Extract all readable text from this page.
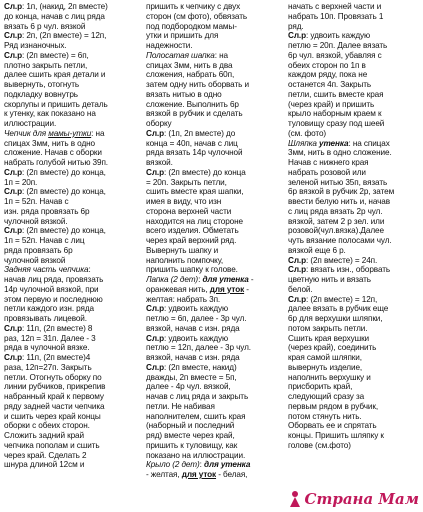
Сл.р: 1п, (накид, 2п вместе)
до конца, начав с лиц ряда
вязать 6 р чул. вязкой
Сл.р: 2п, (2п вместе) = 12п,
Ряд изнаночных.
Сл.р: (2п вместе) = 6п,
плотно закрыть петли,
далее сшить края детали и
вывернуть, отогнуть
подкладку вовнутрь
скорлупы и пришить деталь
к утенку, как показано на
иллюстрации.
Чепчик для мамы-утки: на
спицах 3мм, нить в одно
сложение. Начав с оборки
набрать голубой нитью 39п.
Сл.р: (2п вместе) до конца,
1п = 20п.
Сл.р: (2п вместе) до конца,
1п = 52п. Начав с
изн. ряда провязать 6р
чулочной вязкой.
Сл.р: (2п вместе) до конца,
1п = 52п. Начав с лиц
ряда провязать 6р
чулочной вязкой
Задняя часть чепчика:
начав лиц ряда, провязать
14р чулочной вязкой, при
этом первую и последнюю
петли каждого изн. ряда
провязывать лицевой.
Сл.р: 11п, (2п вместе) 8
раз, 12п = 31п. Далее - 3
ряда в чулочной вязке.
Сл.р: 11п, (2п вместе)4
раза, 12п=27п. Закрыть
петли. Отогнуть оборку по
линии рубчиков, прикрепив
набранный край к первому
ряду задней части чепчика
и сшить через край концы
оборки с обеих сторон.
Сложить задний край
чепчика пополам и сшить
через край. Сделать 2
шнура длиной 12см и
пришить к чепчику с двух
сторон (см фото), обвязать
под подбородком мамы-
утки и пришить для
надежности.
Полосатая шапка: на
спицах 3мм, нить в два
сложения, набрать 60п,
затем одну нить оборвать и
вязать нитью в одно
сложение. Выполнить 6р
вязкой в рубчик и сделать
оборку
Сл.р: (1п, 2п вместе) до
конца = 40п, начав с лиц
ряда вязать 14р чулочной
вязкой.
Сл.р: (2п вместе) до конца
= 20п. Закрыть петли,
сшить вместе края шапки,
имея в виду, что изн
сторона верхней части
находится на лиц стороне
всего изделия. Обметать
через край верхний ряд.
Вывернуть шапку и
наполнить помпочку,
пришить шапку к голове.
Лапка (2 дет): для утенка -
оранжевая нить, для уток -
желтая: набрать 3п.
Сл.р: удвоить каждую
петлю = 6п, далее - 3р чул.
вязкой, начав с изн. ряда
Сл.р: удвоить каждую
петлю = 12п, далее - 3р чул.
вязкой, начав с изн. ряда
Сл.р: (2п вместе, накид)
дважды, 2п вместе = 5п,
далее - 4р чул. вязкой,
начав с лиц ряда и закрыть
петли. Не набивая
наполнителем, сшить края
(наборный и последний
ряд) вместе через край,
пришить к туловищу, как
показано на иллюстрации.
Крыло (2 дет): для утенка
- желтая, для уток - белая,
начать с верхней части и
набрать 10п. Провязать 1
ряд.
Сл.р: удвоить каждую
петлю = 20п. Далее вязать
6р чул. вязкой, убавляя с
обеих сторон по 1п в
каждом ряду, пока не
останется 4п. Закрыть
петли, сшить вместе края
(через край) и пришить
крыло наборным краем к
туловищу сразу под шеей
(см. фото)
Шляпка утенка: на спицах
3мм, нить в одно сложение.
Начав с нижнего края
набрать розовой или
зеленой нитью 35п, вязать
6р вязкой в рубчик 2р, затем
ввести белую нить и, начав
с лиц ряда вязать 2р чул.
вязкой, затем 2 р зел. или
розовой(чул.вязка).Далее
чуть вязание полосами чул.
вязкой еще 6 р.
Сл.р: (2п вместе) = 24п.
Сл.р: вязать изн., оборвать
цветную нить и вязать
белой.
Сл.р: (2п вместе) = 12п,
далее вязать в рубчик еще
6р для верхушки шляпки,
потом закрыть петли.
Сшить края верхушки
(через край), соединить
края самой шляпки,
вывернуть изделие,
наполнить верхушку и
присборить край,
следующий сразу за
первым рядом в рубчик,
потом стянуть нить.
Оборвать ее и спрятать
концы. Пришить шляпку к
голове (см.фото)
Страна Мам
